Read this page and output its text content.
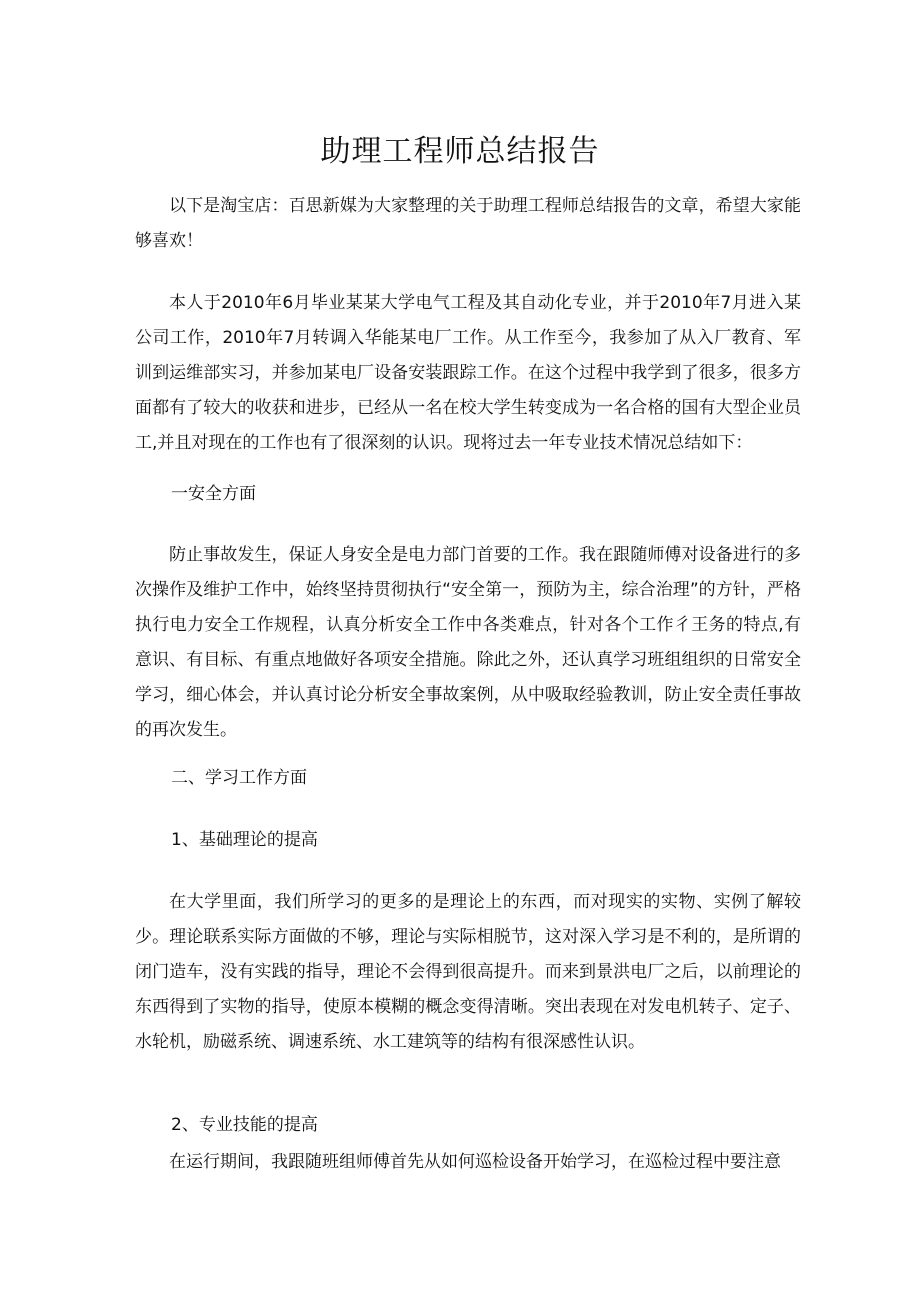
助理工程师总结报告

以下是淘宝店：百思新媒为大家整理的关于助理工程师总结报告的文章，希望大家能够喜欢！

本人于2010年6月毕业某某大学电气工程及其自动化专业，并于2010年7月进入某公司工作，2010年7月转调入华能某电厂工作。从工作至今，我参加了从入厂教育、军训到运维部实习，并参加某电厂设备安装跟踪工作。在这个过程中我学到了很多，很多方面都有了较大的收获和进步，已经从一名在校大学生转变成为一名合格的国有大型企业员工,并且对现在的工作也有了很深刻的认识。现将过去一年专业技术情况总结如下：

一安全方面

防止事故发生，保证人身安全是电力部门首要的工作。我在跟随师傅对设备进行的多次操作及维护工作中，始终坚持贯彻执行“安全第一，预防为主，综合治理”的方针，严格执行电力安全工作规程，认真分析安全工作中各类难点，针对各个工作彳王务的特点,有意识、有目标、有重点地做好各项安全措施。除此之外，还认真学习班组组织的日常安全学习，细心体会，并认真讨论分析安全事故案例，从中吸取经验教训，防止安全责任事故的再次发生。

二、学习工作方面

1、基础理论的提高

在大学里面，我们所学习的更多的是理论上的东西，而对现实的实物、实例了解较少。理论联系实际方面做的不够，理论与实际相脱节，这对深入学习是不利的，是所谓的闭门造车，没有实践的指导，理论不会得到很高提升。而来到景洪电厂之后，以前理论的东西得到了实物的指导，使原本模糊的概念变得清晰。突出表现在对发电机转子、定子、水轮机，励磁系统、调速系统、水工建筑等的结构有很深感性认识。

2、专业技能的提高

在运行期间，我跟随班组师傅首先从如何巡检设备开始学习，在巡检过程中要注意
